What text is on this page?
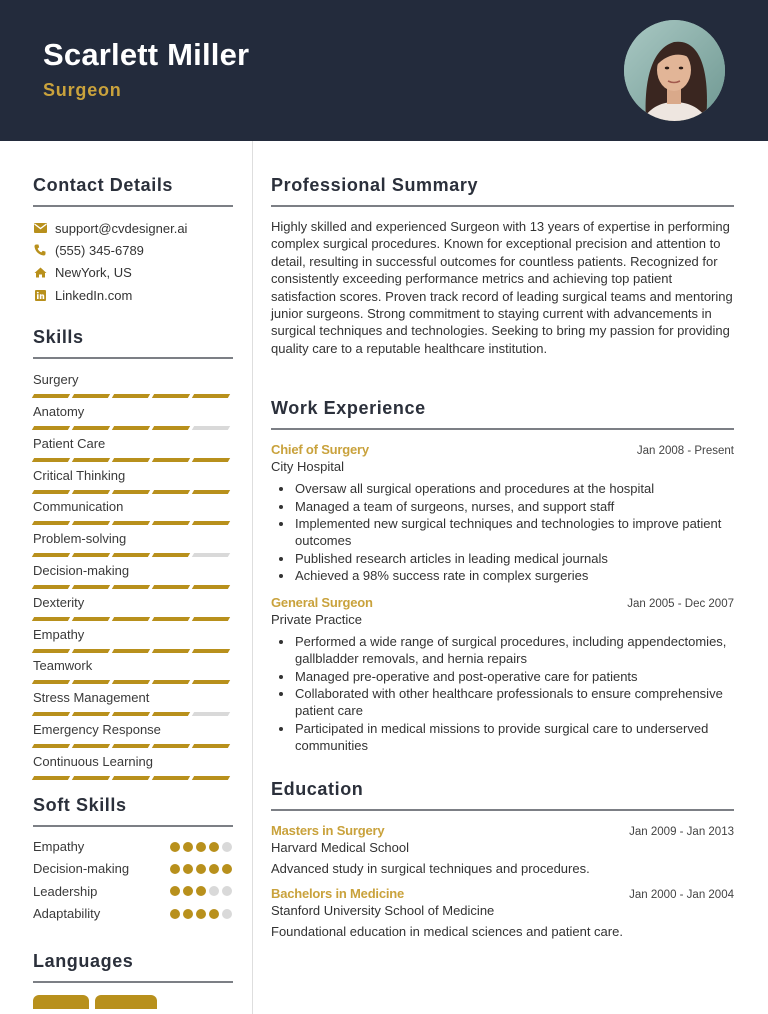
Scarlett Miller
Surgeon
Contact Details
support@cvdesigner.ai
(555) 345-6789
NewYork, US
LinkedIn.com
Skills
Surgery
Anatomy
Patient Care
Critical Thinking
Communication
Problem-solving
Decision-making
Dexterity
Empathy
Teamwork
Stress Management
Emergency Response
Continuous Learning
Soft Skills
Empathy
Decision-making
Leadership
Adaptability
Languages
Professional Summary

Highly skilled and experienced Surgeon with 13 years of expertise in performing complex surgical procedures. Known for exceptional precision and attention to detail, resulting in successful outcomes for countless patients. Recognized for consistently exceeding performance metrics and achieving top patient satisfaction scores. Proven track record of leading surgical teams and mentoring junior surgeons. Strong commitment to staying current with advancements in surgical techniques and technologies. Seeking to bring my passion for providing quality care to a reputable healthcare institution.

Work Experience
Chief of Surgery	Jan 2008 - Present
City Hospital
Oversaw all surgical operations and procedures at the hospital
Managed a team of surgeons, nurses, and support staff
Implemented new surgical techniques and technologies to improve patient outcomes
Published research articles in leading medical journals
Achieved a 98% success rate in complex surgeries
General Surgeon	Jan 2005 - Dec 2007
Private Practice
Performed a wide range of surgical procedures, including appendectomies, gallbladder removals, and hernia repairs
Managed pre-operative and post-operative care for patients
Collaborated with other healthcare professionals to ensure comprehensive patient care
Participated in medical missions to provide surgical care to underserved communities
Education
Masters in Surgery	Jan 2009 - Jan 2013
Harvard Medical School
Advanced study in surgical techniques and procedures.
Bachelors in Medicine	Jan 2000 - Jan 2004
Stanford University School of Medicine
Foundational education in medical sciences and patient care.
